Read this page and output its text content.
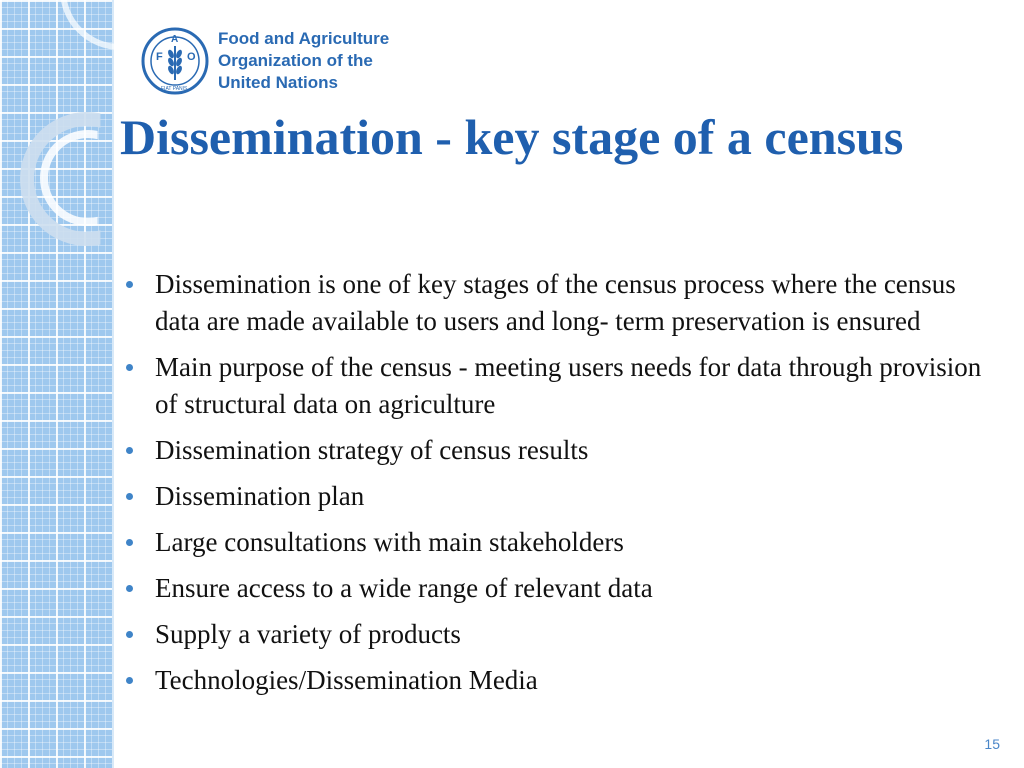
F
A
O
FIAT PANIS
Food and Agriculture
Organization of the
United Nations
Dissemination - key stage of a census
Dissemination is one of key stages of the census process where the census data are made available to users and long- term preservation is ensured
Main purpose of the census - meeting users needs for data through provision of structural data on agriculture
Dissemination strategy of census results
Dissemination plan
Large consultations with main stakeholders
Ensure access to a wide range of relevant data
Supply a variety of products
Technologies/Dissemination Media
15
